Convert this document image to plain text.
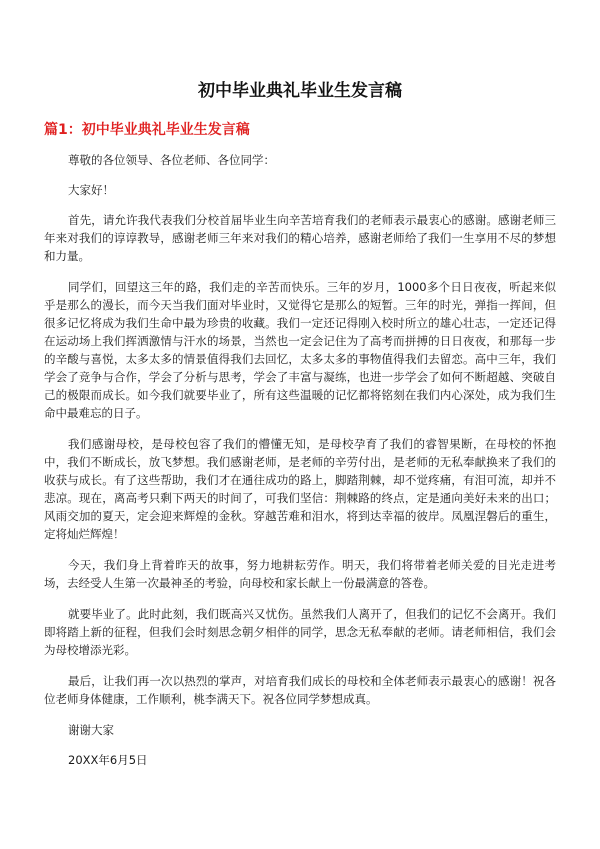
初中毕业典礼毕业生发言稿
篇1：初中毕业典礼毕业生发言稿

尊敬的各位领导、各位老师、各位同学：

大家好！

首先，请允许我代表我们分校首届毕业生向辛苦培育我们的老师表示最衷心的感谢。感谢老师三年来对我们的谆谆教导，感谢老师三年来对我们的精心培养，感谢老师给了我们一生享用不尽的梦想和力量。

同学们，回望这三年的路，我们走的辛苦而快乐。三年的岁月，1000多个日日夜夜，听起来似乎是那么的漫长，而今天当我们面对毕业时，又觉得它是那么的短暂。三年的时光，弹指一挥间，但很多记忆将成为我们生命中最为珍贵的收藏。我们一定还记得刚入校时所立的雄心壮志，一定还记得在运动场上我们挥洒激情与汗水的场景，当然也一定会记住为了高考而拼搏的日日夜夜，和那每一步的辛酸与喜悦，太多太多的情景值得我们去回忆，太多太多的事物值得我们去留恋。高中三年，我们学会了竞争与合作，学会了分析与思考，学会了丰富与凝练，也进一步学会了如何不断超越、突破自己的极限而成长。如今我们就要毕业了，所有这些温暖的记忆都将铭刻在我们内心深处，成为我们生命中最难忘的日子。

我们感谢母校，是母校包容了我们的懵懂无知，是母校孕育了我们的睿智果断，在母校的怀抱中，我们不断成长，放飞梦想。我们感谢老师，是老师的辛劳付出，是老师的无私奉献换来了我们的收获与成长。有了这些帮助，我们才在通往成功的路上，脚踏荆棘，却不觉疼痛，有泪可流，却并不悲凉。现在，离高考只剩下两天的时间了，可我们坚信：荆棘路的终点，定是通向美好未来的出口；风雨交加的夏天，定会迎来辉煌的金秋。穿越苦难和泪水，将到达幸福的彼岸。凤凰涅磐后的重生，定将灿烂辉煌！

今天，我们身上背着昨天的故事，努力地耕耘劳作。明天，我们将带着老师关爱的目光走进考场，去经受人生第一次最神圣的考验，向母校和家长献上一份最满意的答卷。

就要毕业了。此时此刻，我们既高兴又忧伤。虽然我们人离开了，但我们的记忆不会离开。我们即将踏上新的征程，但我们会时刻思念朝夕相伴的同学，思念无私奉献的老师。请老师相信，我们会为母校增添光彩。

最后，让我们再一次以热烈的掌声，对培育我们成长的母校和全体老师表示最衷心的感谢！祝各位老师身体健康，工作顺利，桃李满天下。祝各位同学梦想成真。

谢谢大家

20XX年6月5日
